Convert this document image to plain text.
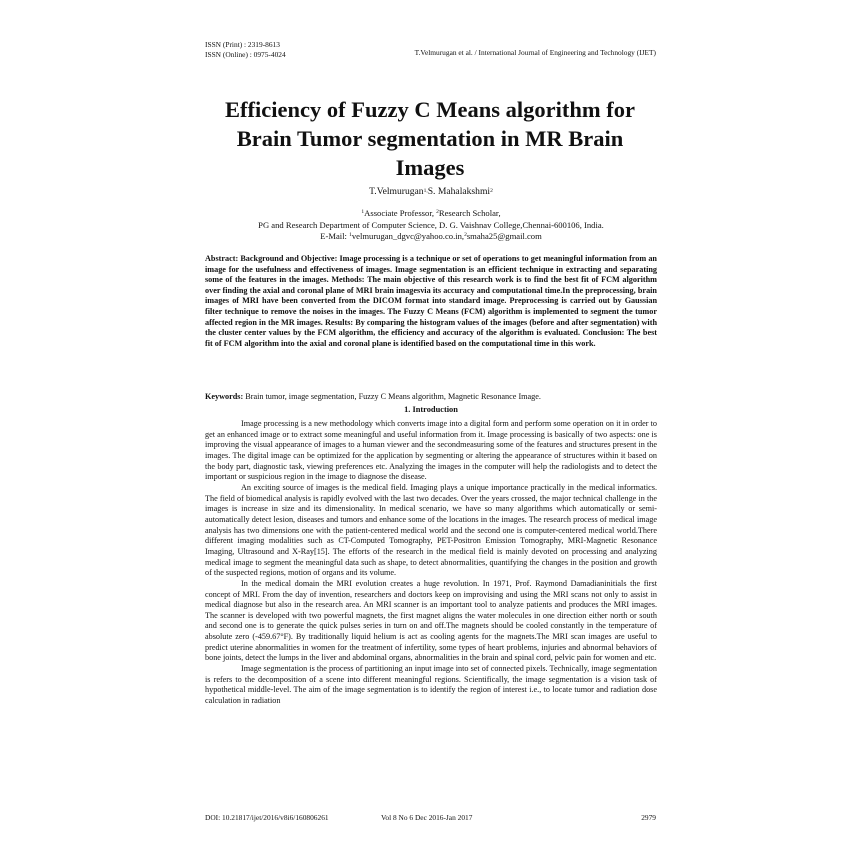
ISSN (Print) : 2319-8613
ISSN (Online) : 0975-4024	T.Velmurugan et al. / International Journal of Engineering and Technology (IJET)
Efficiency of Fuzzy C Means algorithm for Brain Tumor segmentation in MR Brain Images
T.Velmurugan$^{1,}$S. Mahalakshmi$^2$
$^1$Associate Professor, $^2$Research Scholar,
PG and Research Department of Computer Science, D. G. Vaishnav College,Chennai-600106, India.
E-Mail: $^1$velmurugan_dgvc@yahoo.co.in,$^2$smaha25@gmail.com
Abstract: Background and Objective: Image processing is a technique or set of operations to get meaningful information from an image for the usefulness and effectiveness of images. Image segmentation is an efficient technique in extracting and separating some of the features in the images. Methods: The main objective of this research work is to find the best fit of FCM algorithm over finding the axial and coronal plane of MRI brain imagesvia its accuracy and computational time.In the preprocessing, brain images of MRI have been converted from the DICOM format into standard image. Preprocessing is carried out by Gaussian filter technique to remove the noises in the images. The Fuzzy C Means (FCM) algorithm is implemented to segment the tumor affected region in the MR images. Results: By comparing the histogram values of the images (before and after segmentation) with the cluster center values by the FCM algorithm, the efficiency and accuracy of the algorithm is evaluated. Conclusion: The best fit of FCM algorithm into the axial and coronal plane is identified based on the computational time in this work.
Keywords: Brain tumor, image segmentation, Fuzzy C Means algorithm, Magnetic Resonance Image.
1. Introduction

Image processing is a new methodology which converts image into a digital form and perform some operation on it in order to get an enhanced image or to extract some meaningful and useful information from it. Image processing is basically of two aspects: one is improving the visual appearance of images to a human viewer and the secondmeasuring some of the features and structures present in the images. The digital image can be optimized for the application by segmenting or altering the appearance of structures within it based on the body part, diagnostic task, viewing preferences etc. Analyzing the images in the computer will help the radiologists and to detect the important or suspicious region in the image to diagnose the disease.

An exciting source of images is the medical field. Imaging plays a unique importance practically in the medical informatics. The field of biomedical analysis is rapidly evolved with the last two decades. Over the years crossed, the major technical challenge in the images is increase in size and its dimensionality. In medical scenario, we have so many algorithms which automatically or semi-automatically detect lesion, diseases and tumors and enhance some of the locations in the images. The research process of medical image analysis has two dimensions one with the patient-centered medical world and the second one is computer-centered medical world.There different imaging modalities such as CT-Computed Tomography, PET-Positron Emission Tomography, MRI-Magnetic Resonance Imaging, Ultrasound and X-Ray[15]. The efforts of the research in the medical field is mainly devoted on processing and analyzing medical image to segment the meaningful data such as shape, to detect abnormalities, quantifying the changes in the position and growth of the suspected regions, motion of organs and its volume.

In the medical domain the MRI evolution creates a huge revolution. In 1971, Prof. Raymond Damadianinitials the first concept of MRI. From the day of invention, researchers and doctors keep on improvising and using the MRI scans not only to assist in medical diagnose but also in the research area. An MRI scanner is an important tool to analyze patients and produces the MRI images. The scanner is developed with two powerful magnets, the first magnet aligns the water molecules in one direction either north or south and second one is to generate the quick pulses series in turn on and off.The magnets should be cooled constantly in the temperature of absolute zero (-459.67°F). By traditionally liquid helium is act as cooling agents for the magnets.The MRI scan images are useful to predict uterine abnormalities in women for the treatment of infertility, some types of heart problems, injuries and abnormal behaviors of bone joints, detect the lumps in the liver and abdominal organs, abnormalities in the brain and spinal cord, pelvic pain for women and etc.

Image segmentation is the process of partitioning an input image into set of connected pixels. Technically, image segmentation is refers to the decomposition of a scene into different meaningful regions. Scientifically, the image segmentation is a vision task of hypothetical middle-level. The aim of the image segmentation is to identify the region of interest i.e., to locate tumor and radiation dose calculation in radiation

DOI: 10.21817/ijet/2016/v8i6/160806261	Vol 8 No 6 Dec 2016-Jan 2017	2979
